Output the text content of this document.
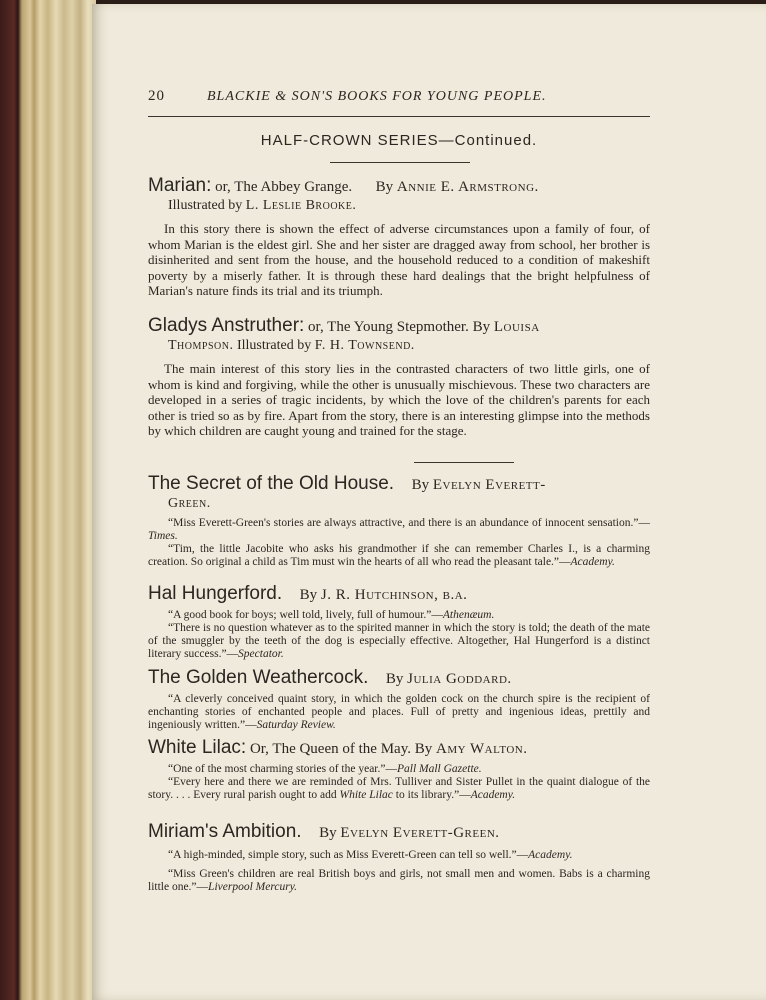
20	BLACKIE & SON'S BOOKS FOR YOUNG PEOPLE.
HALF-CROWN SERIES—Continued.
Marian: or, The Abbey Grange. By Annie E. Armstrong.
Illustrated by L. Leslie Brooke.
In this story there is shown the effect of adverse circumstances upon a family of four, of whom Marian is the eldest girl. She and her sister are dragged away from school, her brother is disinherited and sent from the house, and the household reduced to a condition of makeshift poverty by a miserly father. It is through these hard dealings that the bright helpfulness of Marian's nature finds its trial and its triumph.
Gladys Anstruther: or, The Young Stepmother. By Louisa
Thompson. Illustrated by F. H. Townsend.
The main interest of this story lies in the contrasted characters of two little girls, one of whom is kind and forgiving, while the other is unusually mischievous. These two characters are developed in a series of tragic incidents, by which the love of the children's parents for each other is tried so as by fire. Apart from the story, there is an interesting glimpse into the methods by which children are caught young and trained for the stage.
The Secret of the Old House. By Evelyn Everett-
Green.
“Miss Everett-Green's stories are always attractive, and there is an abundance of innocent sensation.”—Times.
“Tim, the little Jacobite who asks his grandmother if she can remember Charles I., is a charming creation. So original a child as Tim must win the hearts of all who read the pleasant tale.”—Academy.
Hal Hungerford. By J. R. Hutchinson, b.a.
“A good book for boys; well told, lively, full of humour.”—Athenæum.
“There is no question whatever as to the spirited manner in which the story is told; the death of the mate of the smuggler by the teeth of the dog is especially effective. Altogether, Hal Hungerford is a distinct literary success.”—Spectator.
The Golden Weathercock. By Julia Goddard.
“A cleverly conceived quaint story, in which the golden cock on the church spire is the recipient of enchanting stories of enchanted people and places. Full of pretty and ingenious ideas, prettily and ingeniously written.”—Saturday Review.
White Lilac: Or, The Queen of the May. By Amy Walton.
“One of the most charming stories of the year.”—Pall Mall Gazette.
“Every here and there we are reminded of Mrs. Tulliver and Sister Pullet in the quaint dialogue of the story. . . . Every rural parish ought to add White Lilac to its library.”—Academy.
Miriam's Ambition. By Evelyn Everett-Green.
“A high-minded, simple story, such as Miss Everett-Green can tell so well.”—Academy.
“Miss Green's children are real British boys and girls, not small men and women. Babs is a charming little one.”—Liverpool Mercury.
